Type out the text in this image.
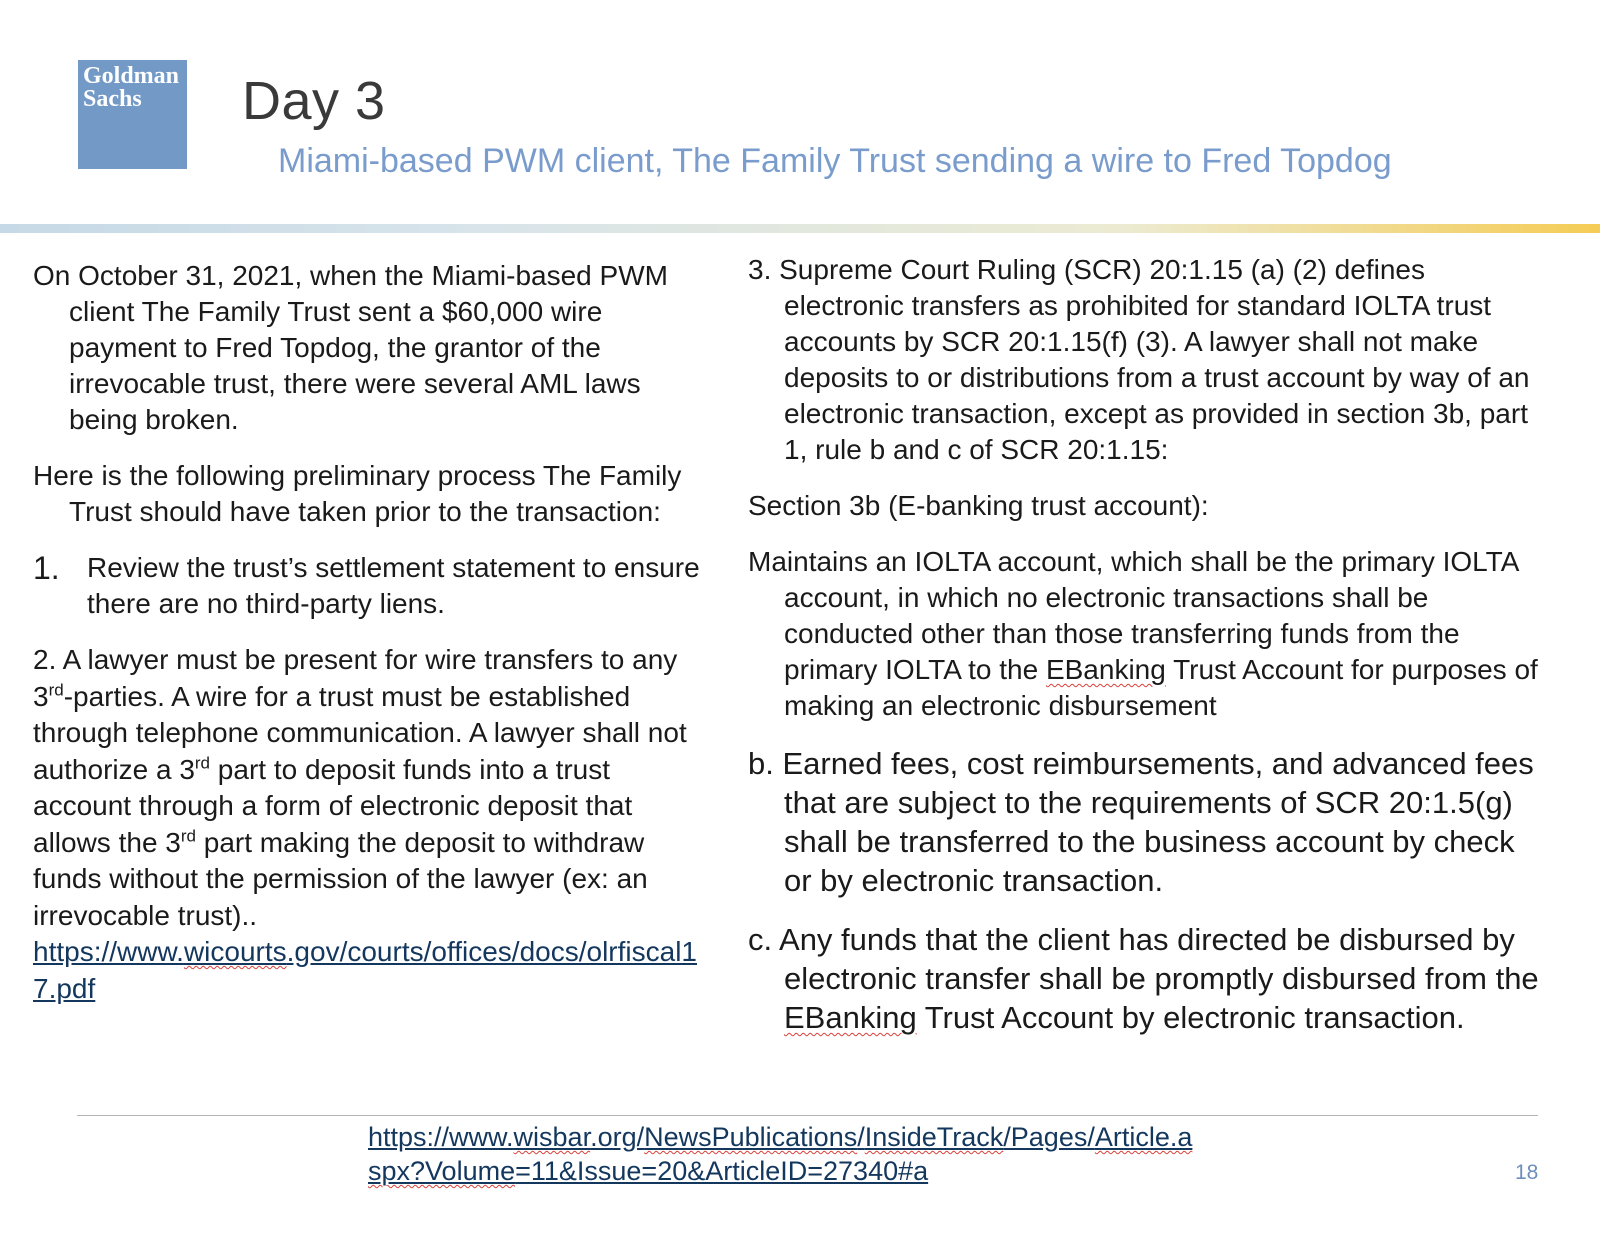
Goldman
Sachs	Day 3

Miami-based PWM client, The Family Trust sending a wire to Fred Topdog

On October 31, 2021, when the Miami-based PWM client The Family Trust sent a $60,000 wire payment to Fred Topdog, the grantor of the irrevocable trust, there were several AML laws being broken.

Here is the following preliminary process The Family Trust should have taken prior to the transaction:

1. Review the trust’s settlement statement to ensure there are no third-party liens.

2. A lawyer must be present for wire transfers to any 3rd-parties. A wire for a trust must be established through telephone communication. A lawyer shall not authorize a 3rd part to deposit funds into a trust account through a form of electronic deposit that allows the 3rd part making the deposit to withdraw funds without the permission of the lawyer (ex: an irrevocable trust)..
https://www.wicourts.gov/courts/offices/docs/olrfiscal1
7.pdf

3. Supreme Court Ruling (SCR) 20:1.15 (a) (2) defines electronic transfers as prohibited for standard IOLTA trust accounts by SCR 20:1.15(f) (3). A lawyer shall not make deposits to or distributions from a trust account by way of an electronic transaction, except as provided in section 3b, part 1, rule b and c of SCR 20:1.15:

Section 3b (E-banking trust account):

Maintains an IOLTA account, which shall be the primary IOLTA account, in which no electronic transactions shall be conducted other than those transferring funds from the primary IOLTA to the EBanking Trust Account for purposes of making an electronic disbursement

b. Earned fees, cost reimbursements, and advanced fees that are subject to the requirements of SCR 20:1.5(g) shall be transferred to the business account by check or by electronic transaction.

c. Any funds that the client has directed be disbursed by electronic transfer shall be promptly disbursed from the EBanking Trust Account by electronic transaction.

https://www.wisbar.org/NewsPublications/InsideTrack/Pages/Article.a
spx?Volume=11&Issue=20&ArticleID=27340#a	18
